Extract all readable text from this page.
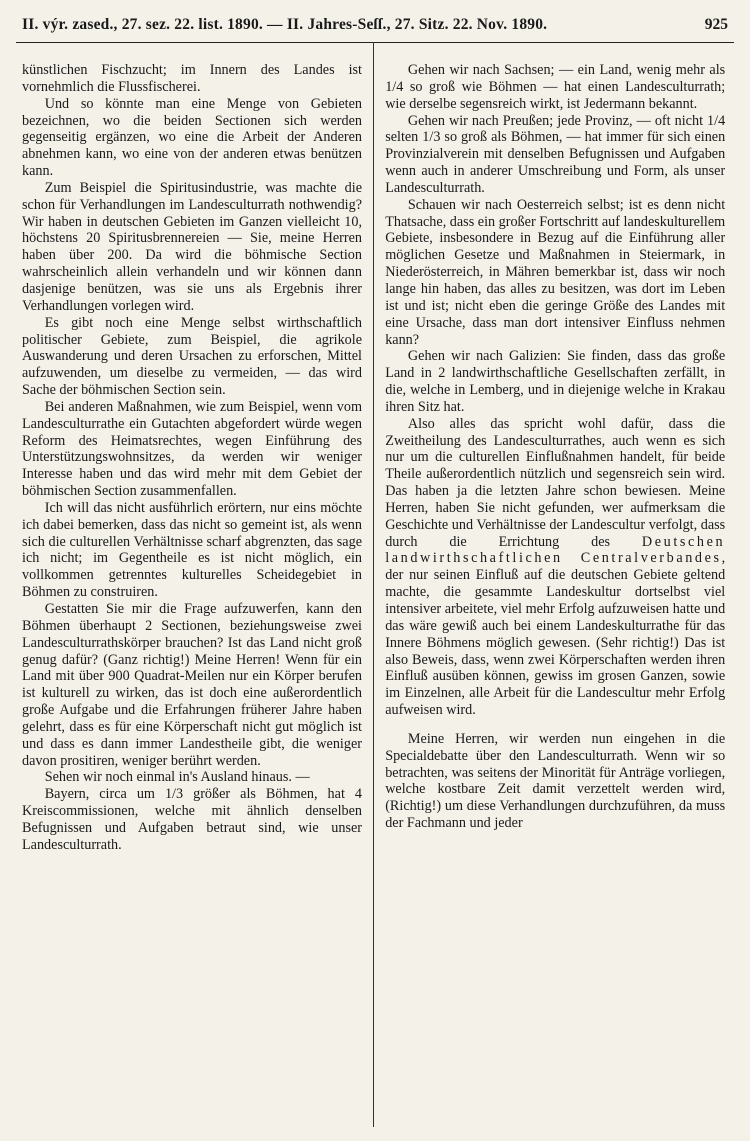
II. výr. zased., 27. sez. 22. list. 1890. — II. Jahres-Seſſ., 27. Sitz. 22. Nov. 1890.	925

künstlichen Fischzucht; im Innern des Landes ist vornehmlich die Flussfischerei.

Und so könnte man eine Menge von Gebieten bezeichnen, wo die beiden Sectionen sich werden gegenseitig ergänzen, wo eine die Arbeit der Anderen abnehmen kann, wo eine von der anderen etwas benützen kann.

Zum Beispiel die Spiritusindustrie, was machte die schon für Verhandlungen im Landesculturrath nothwendig? Wir haben in deutschen Gebieten im Ganzen vielleicht 10, höchstens 20 Spiritusbrennereien — Sie, meine Herren haben über 200. Da wird die böhmische Section wahrscheinlich allein verhandeln und wir können dann dasjenige benützen, was sie uns als Ergebnis ihrer Verhandlungen vorlegen wird.

Es gibt noch eine Menge selbst wirthschaftlich politischer Gebiete, zum Beispiel, die agrikole Auswanderung und deren Ursachen zu erforschen, Mittel aufzuwenden, um dieselbe zu vermeiden, — das wird Sache der böhmischen Section sein.

Bei anderen Maßnahmen, wie zum Beispiel, wenn vom Landesculturrathe ein Gutachten abgefordert würde wegen Reform des Heimatsrechtes, wegen Einführung des Unterstützungswohnsitzes, da werden wir weniger Interesse haben und das wird mehr mit dem Gebiet der böhmischen Section zusammenfallen.

Ich will das nicht ausführlich erörtern, nur eins möchte ich dabei bemerken, dass das nicht so gemeint ist, als wenn sich die culturellen Verhältnisse scharf abgrenzten, das sage ich nicht; im Gegentheile es ist nicht möglich, ein vollkommen getrenntes kulturelles Scheidegebiet in Böhmen zu construiren.

Gestatten Sie mir die Frage aufzuwerfen, kann den Böhmen überhaupt 2 Sectionen, beziehungsweise zwei Landesculturrathskörper brauchen? Ist das Land nicht groß genug dafür? (Ganz richtig!) Meine Herren! Wenn für ein Land mit über 900 Quadrat-Meilen nur ein Körper berufen ist kulturell zu wirken, das ist doch eine außerordentlich große Aufgabe und die Erfahrungen früherer Jahre haben gelehrt, dass es für eine Körperschaft nicht gut möglich ist und dass es dann immer Landestheile gibt, die weniger davon prositiren, weniger berührt werden.

Sehen wir noch einmal in's Ausland hinaus. —

Bayern, circa um 1/3 größer als Böhmen, hat 4 Kreiscommissionen, welche mit ähnlich denselben Befugnissen und Aufgaben betraut sind, wie unser Landesculturrath.

Gehen wir nach Sachsen; — ein Land, wenig mehr als 1/4 so groß wie Böhmen — hat einen Landesculturrath; wie derselbe segensreich wirkt, ist Jedermann bekannt.

Gehen wir nach Preußen; jede Provinz, — oft nicht 1/4 selten 1/3 so groß als Böhmen, — hat immer für sich einen Provinzialverein mit denselben Befugnissen und Aufgaben wenn auch in anderer Umschreibung und Form, als unser Landesculturrath.

Schauen wir nach Oesterreich selbst; ist es denn nicht Thatsache, dass ein großer Fortschritt auf landeskulturellem Gebiete, insbesondere in Bezug auf die Einführung aller möglichen Gesetze und Maßnahmen in Steiermark, in Niederösterreich, in Mähren bemerkbar ist, dass wir noch lange hin haben, das alles zu besitzen, was dort im Leben ist und ist; nicht eben die geringe Größe des Landes mit eine Ursache, dass man dort intensiver Einfluss nehmen kann?

Gehen wir nach Galizien: Sie finden, dass das große Land in 2 landwirthschaftliche Gesellschaften zerfällt, in die, welche in Lemberg, und in diejenige welche in Krakau ihren Sitz hat.

Also alles das spricht wohl dafür, dass die Zweitheilung des Landesculturrathes, auch wenn es sich nur um die culturellen Einflußnahmen handelt, für beide Theile außerordentlich nützlich und segensreich sein wird. Das haben ja die letzten Jahre schon bewiesen. Meine Herren, haben Sie nicht gefunden, wer aufmerksam die Geschichte und Verhältnisse der Landescultur verfolgt, dass durch die Errichtung des Deutschen landwirthschaftlichen Centralverbandes, der nur seinen Einfluß auf die deutschen Gebiete geltend machte, die gesammte Landeskultur dortselbst viel intensiver arbeitete, viel mehr Erfolg aufzuweisen hatte und das wäre gewiß auch bei einem Landeskulturrathe für das Innere Böhmens möglich gewesen. (Sehr richtig!) Das ist also Beweis, dass, wenn zwei Körperschaften werden ihren Einfluß ausüben können, gewiss im grosen Ganzen, sowie im Einzelnen, alle Arbeit für die Landescultur mehr Erfolg aufweisen wird.

Meine Herren, wir werden nun eingehen in die Specialdebatte über den Landesculturrath. Wenn wir so betrachten, was seitens der Minorität für Anträge vorliegen, welche kostbare Zeit damit verzettelt werden wird, (Richtig!) um diese Verhandlungen durchzuführen, da muss der Fachmann und jeder
